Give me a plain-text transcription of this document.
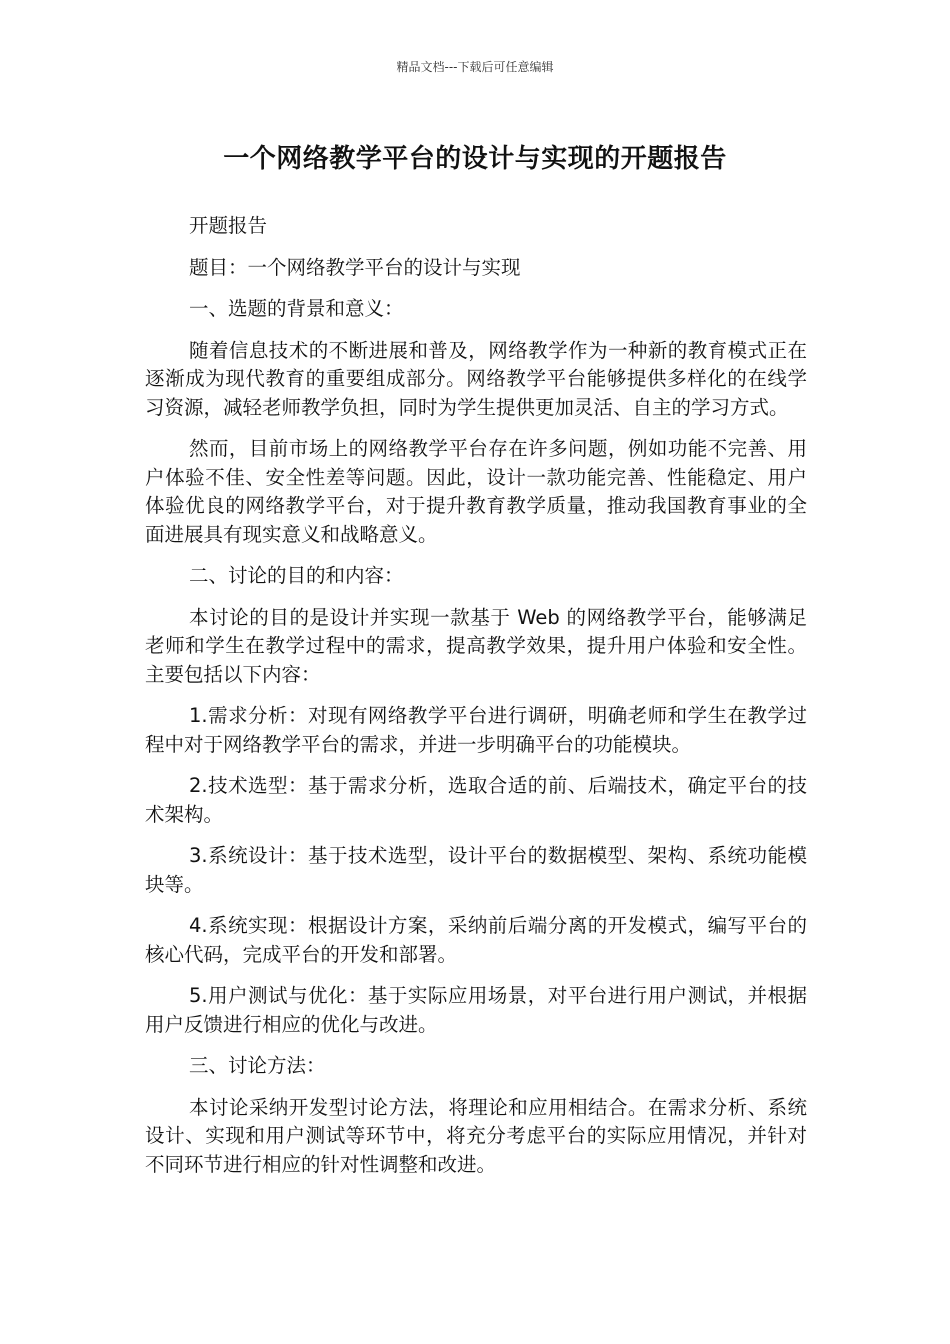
精品文档---下载后可任意编辑
一个网络教学平台的设计与实现的开题报告

开题报告

题目：一个网络教学平台的设计与实现

一、选题的背景和意义：

随着信息技术的不断进展和普及，网络教学作为一种新的教育模式正在逐渐成为现代教育的重要组成部分。网络教学平台能够提供多样化的在线学习资源，减轻老师教学负担，同时为学生提供更加灵活、自主的学习方式。

然而，目前市场上的网络教学平台存在许多问题，例如功能不完善、用户体验不佳、安全性差等问题。因此，设计一款功能完善、性能稳定、用户体验优良的网络教学平台，对于提升教育教学质量，推动我国教育事业的全面进展具有现实意义和战略意义。

二、讨论的目的和内容：

本讨论的目的是设计并实现一款基于 Web 的网络教学平台，能够满足老师和学生在教学过程中的需求，提高教学效果，提升用户体验和安全性。主要包括以下内容：

1.需求分析：对现有网络教学平台进行调研，明确老师和学生在教学过程中对于网络教学平台的需求，并进一步明确平台的功能模块。

2.技术选型：基于需求分析，选取合适的前、后端技术，确定平台的技术架构。

3.系统设计：基于技术选型，设计平台的数据模型、架构、系统功能模块等。

4.系统实现：根据设计方案，采纳前后端分离的开发模式，编写平台的核心代码，完成平台的开发和部署。

5.用户测试与优化：基于实际应用场景，对平台进行用户测试，并根据用户反馈进行相应的优化与改进。

三、讨论方法：

本讨论采纳开发型讨论方法，将理论和应用相结合。在需求分析、系统设计、实现和用户测试等环节中，将充分考虑平台的实际应用情况，并针对不同环节进行相应的针对性调整和改进。
